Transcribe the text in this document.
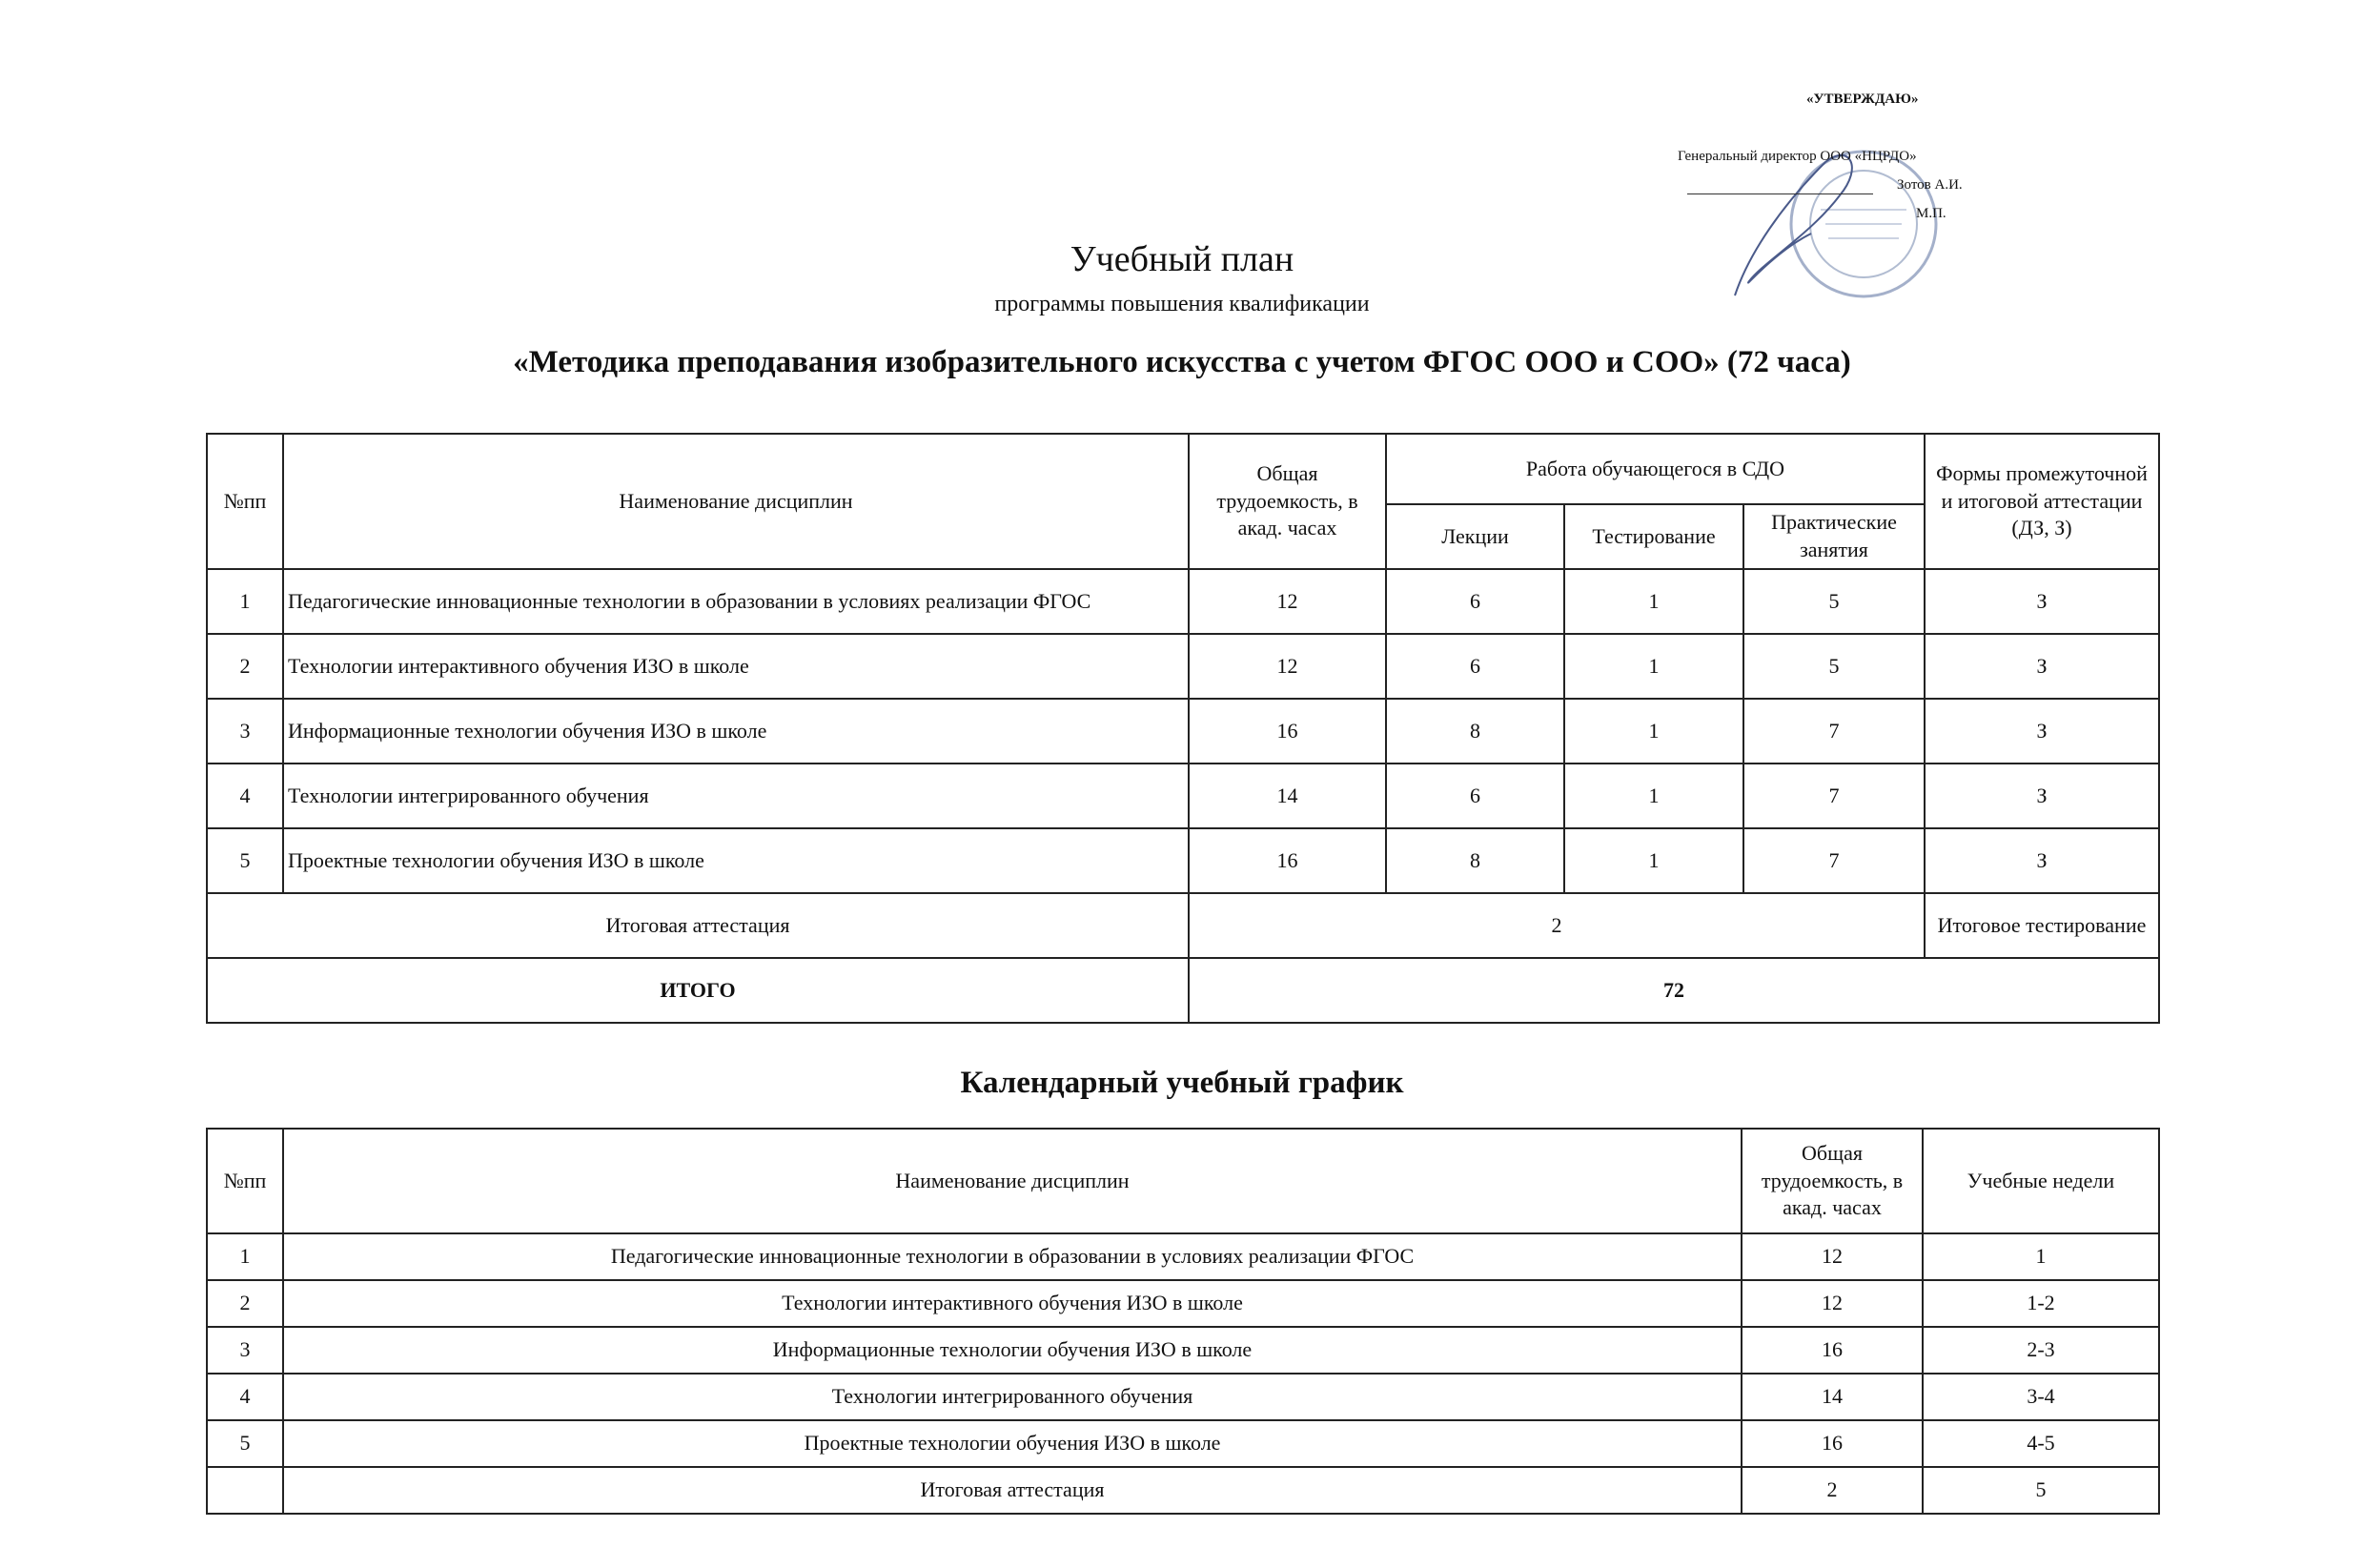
«УТВЕРЖДАЮ»
Генеральный директор ООО «НЦРДО»
Зотов А.И.
М.П.
Учебный план
программы повышения квалификации
«Методика преподавания изобразительного искусства с учетом ФГОС ООО и СОО» (72 часа)
№пп	Наименование дисциплин	Общая трудоемкость, в акад. часах	Работа обучающегося в СДО			Формы промежуточной и итоговой аттестации (ДЗ, З)
			Лекции	Тестирование	Практические занятия	
1	Педагогические инновационные технологии в образовании в условиях реализации ФГОС	12	6	1	5	З
2	Технологии интерактивного обучения ИЗО в школе	12	6	1	5	З
3	Информационные технологии обучения ИЗО в школе	16	8	1	7	З
4	Технологии интегрированного обучения	14	6	1	7	З
5	Проектные технологии обучения ИЗО в школе	16	8	1	7	З
Итоговая аттестация		2				Итоговое тестирование
ИТОГО		72				
Календарный учебный график
№пп	Наименование дисциплин	Общая трудоемкость, в акад. часах	Учебные недели
1	Педагогические инновационные технологии в образовании в условиях реализации ФГОС	12	1
2	Технологии интерактивного обучения ИЗО в школе	12	1-2
3	Информационные технологии обучения ИЗО в школе	16	2-3
4	Технологии интегрированного обучения	14	3-4
5	Проектные технологии обучения ИЗО в школе	16	4-5
	Итоговая аттестация	2	5
